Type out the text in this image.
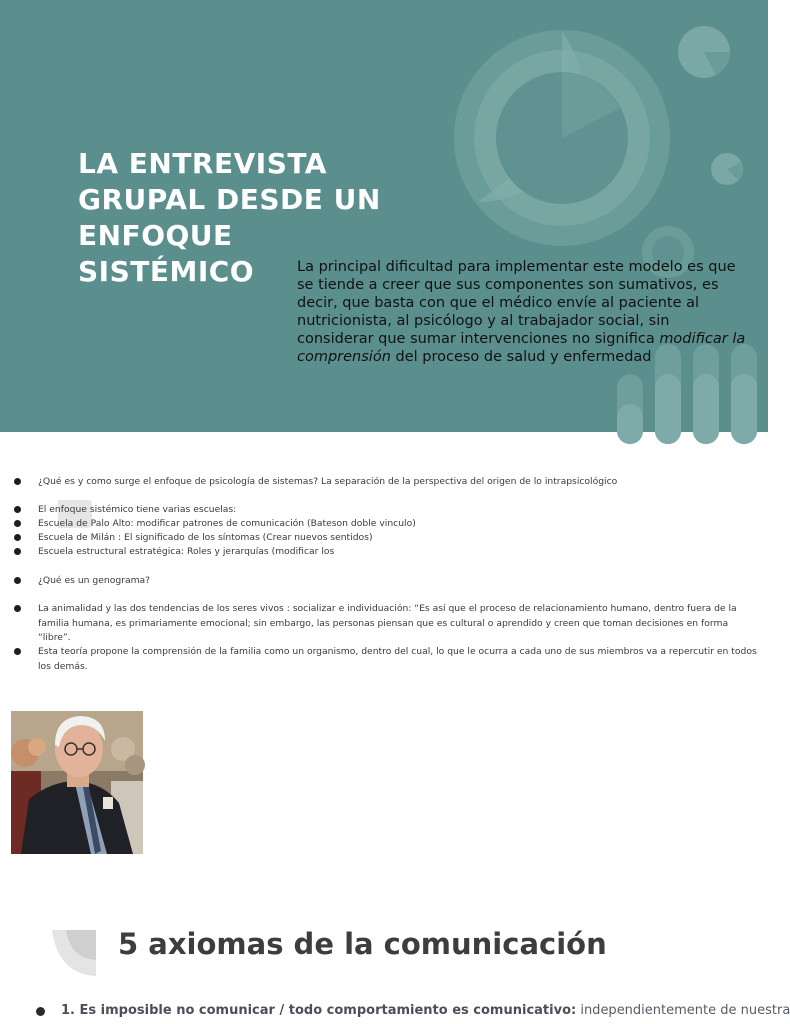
LA ENTREVISTA
GRUPAL DESDE UN
ENFOQUE
SISTÉMICO	La principal dificultad para implementar este modelo es que se tiende a creer que sus componentes son sumativos, es decir, que basta con que el médico envíe al paciente al nutricionista, al psicólogo y al trabajador social, sin considerar que sumar intervenciones no significa modificar la comprensión del proceso de salud y enfermedad

¿Qué es y como surge el enfoque de psicología de sistemas? La separación de la perspectiva del origen de lo intrapsicológico
El enfoque sistémico tiene varias escuelas:
Escuela de Palo Alto: modificar patrones de comunicación (Bateson doble vinculo)
Escuela de Milán : El significado de los síntomas (Crear nuevos sentidos)
Escuela estructural estratégica: Roles y jerarquías (modificar los
¿Qué es un genograma?
La animalidad y las dos tendencias de los seres vivos : socializar e individuación: “Es así que el proceso de relacionamiento humano, dentro fuera de la familia humana, es primariamente emocional; sin embargo, las personas piensan que es cultural o aprendido y creen que toman decisiones en forma “libre”.
Esta teoría propone la comprensión de la familia como un organismo, dentro del cual, lo que le ocurra a cada uno de sus miembros va a repercutir en todos los demás.
5 axiomas de la comunicación
1. Es imposible no comunicar / todo comportamiento es comunicativo: independientemente de nuestra
